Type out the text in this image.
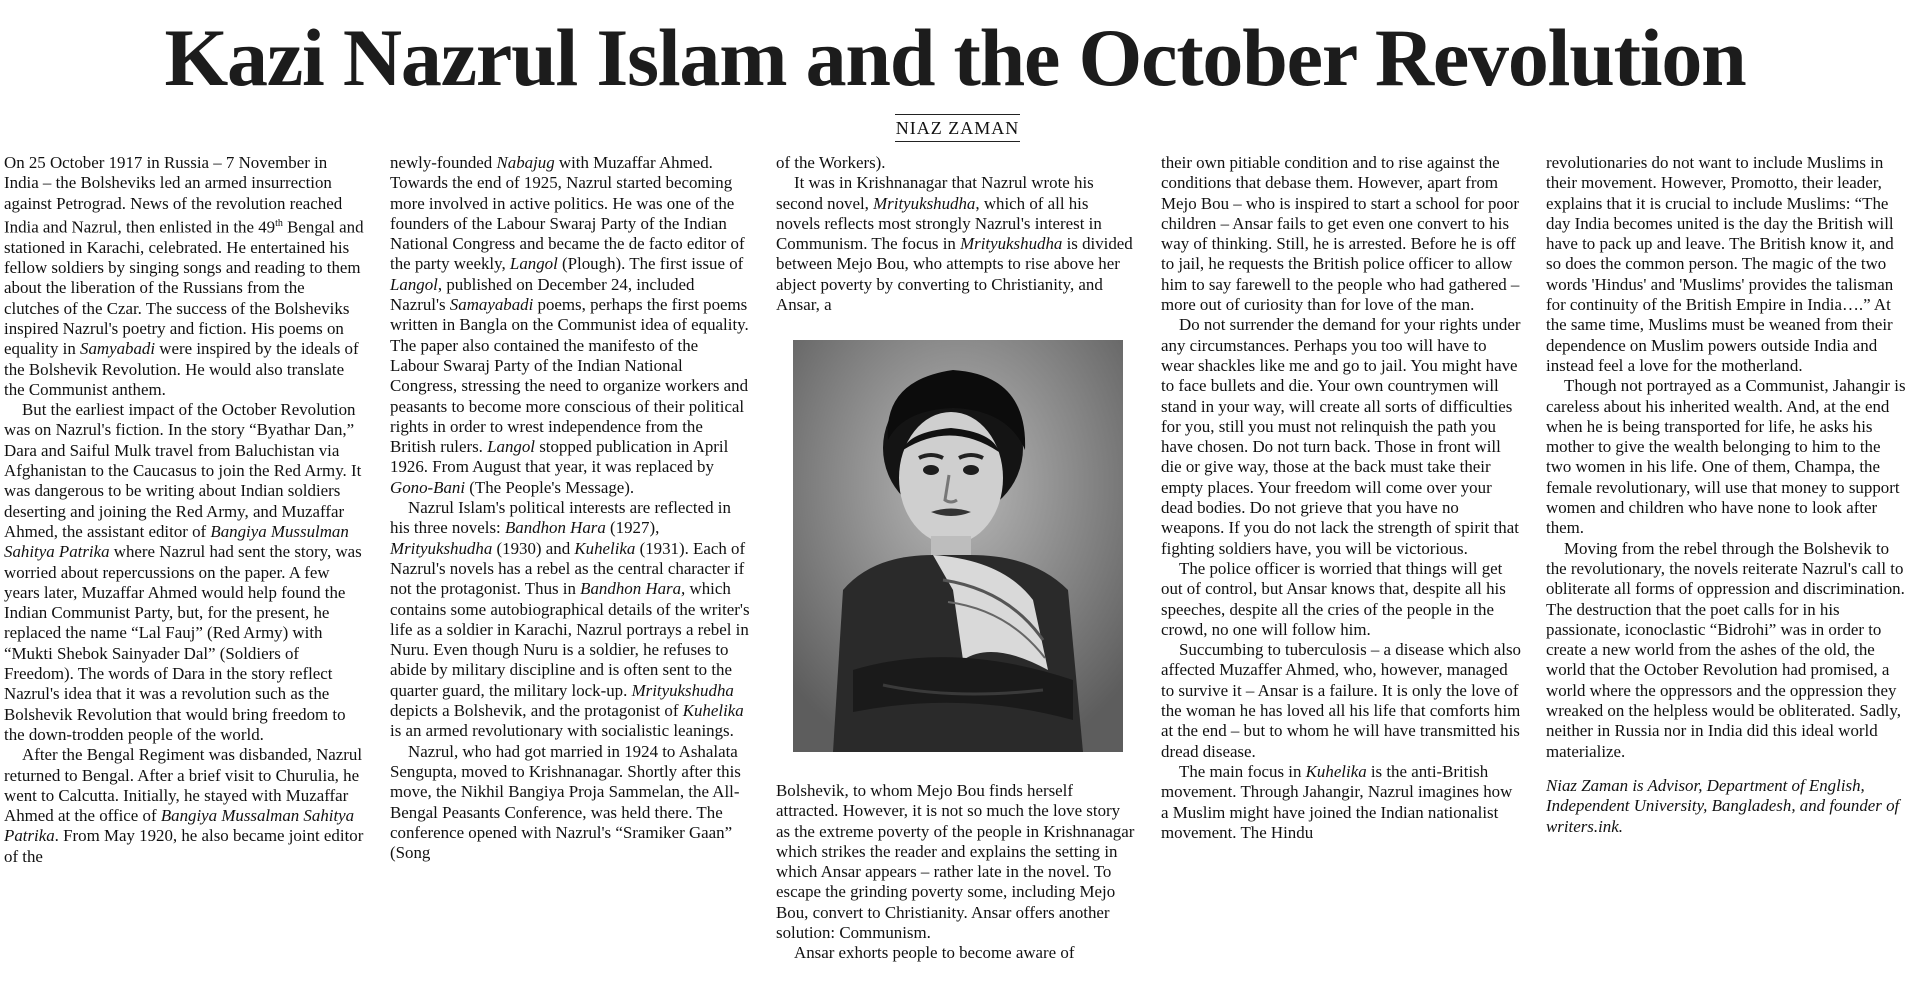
Kazi Nazrul Islam and the October Revolution
NIAZ ZAMAN

On 25 October 1917 in Russia – 7 November in India – the Bolsheviks led an armed insurrection against Petrograd. News of the revolution reached India and Nazrul, then enlisted in the 49th Bengal and stationed in Karachi, celebrated. He entertained his fellow soldiers by singing songs and reading to them about the liberation of the Russians from the clutches of the Czar. The success of the Bolsheviks inspired Nazrul's poetry and fiction. His poems on equality in Samyabadi were inspired by the ideals of the Bolshevik Revolution. He would also translate the Communist anthem.

But the earliest impact of the October Revolution was on Nazrul's fiction. In the story “Byathar Dan,” Dara and Saiful Mulk travel from Baluchistan via Afghanistan to the Caucasus to join the Red Army. It was dangerous to be writing about Indian soldiers deserting and joining the Red Army, and Muzaffar Ahmed, the assistant editor of Bangiya Mussulman Sahitya Patrika where Nazrul had sent the story, was worried about repercussions on the paper. A few years later, Muzaffar Ahmed would help found the Indian Communist Party, but, for the present, he replaced the name “Lal Fauj” (Red Army) with “Mukti Shebok Sainyader Dal” (Soldiers of Freedom). The words of Dara in the story reflect Nazrul's idea that it was a revolution such as the Bolshevik Revolution that would bring freedom to the down-trodden people of the world.

After the Bengal Regiment was disbanded, Nazrul returned to Bengal. After a brief visit to Churulia, he went to Calcutta. Initially, he stayed with Muzaffar Ahmed at the office of Bangiya Mussalman Sahitya Patrika. From May 1920, he also became joint editor of the

newly-founded Nabajug with Muzaffar Ahmed. Towards the end of 1925, Nazrul started becoming more involved in active politics. He was one of the founders of the Labour Swaraj Party of the Indian National Congress and became the de facto editor of the party weekly, Langol (Plough). The first issue of Langol, published on December 24, included Nazrul's Samayabadi poems, perhaps the first poems written in Bangla on the Communist idea of equality. The paper also contained the manifesto of the Labour Swaraj Party of the Indian National Congress, stressing the need to organize workers and peasants to become more conscious of their political rights in order to wrest independence from the British rulers. Langol stopped publication in April 1926. From August that year, it was replaced by Gono-Bani (The People's Message).

Nazrul Islam's political interests are reflected in his three novels: Bandhon Hara (1927), Mrityukshudha (1930) and Kuhelika (1931). Each of Nazrul's novels has a rebel as the central character if not the protagonist. Thus in Bandhon Hara, which contains some autobiographical details of the writer's life as a soldier in Karachi, Nazrul portrays a rebel in Nuru. Even though Nuru is a soldier, he refuses to abide by military discipline and is often sent to the quarter guard, the military lock-up. Mrityukshudha depicts a Bolshevik, and the protagonist of Kuhelika is an armed revolutionary with socialistic leanings.

Nazrul, who had got married in 1924 to Ashalata Sengupta, moved to Krishnanagar. Shortly after this move, the Nikhil Bangiya Proja Sammelan, the All-Bengal Peasants Conference, was held there. The conference opened with Nazrul's “Sramiker Gaan” (Song

of the Workers).

It was in Krishnanagar that Nazrul wrote his second novel, Mrityukshudha, which of all his novels reflects most strongly Nazrul's interest in Communism. The focus in Mrityukshudha is divided between Mejo Bou, who attempts to rise above her abject poverty by converting to Christianity, and Ansar, a

Bolshevik, to whom Mejo Bou finds herself attracted. However, it is not so much the love story as the extreme poverty of the people in Krishnanagar which strikes the reader and explains the setting in which Ansar appears – rather late in the novel. To escape the grinding poverty some, including Mejo Bou, convert to Christianity. Ansar offers another solution: Communism.

Ansar exhorts people to become aware of

their own pitiable condition and to rise against the conditions that debase them. However, apart from Mejo Bou – who is inspired to start a school for poor children – Ansar fails to get even one convert to his way of thinking. Still, he is arrested. Before he is off to jail, he requests the British police officer to allow him to say farewell to the people who had gathered – more out of curiosity than for love of the man.

Do not surrender the demand for your rights under any circumstances. Perhaps you too will have to wear shackles like me and go to jail. You might have to face bullets and die. Your own countrymen will stand in your way, will create all sorts of difficulties for you, still you must not relinquish the path you have chosen. Do not turn back. Those in front will die or give way, those at the back must take their empty places. Your freedom will come over your dead bodies. Do not grieve that you have no weapons. If you do not lack the strength of spirit that fighting soldiers have, you will be victorious.

The police officer is worried that things will get out of control, but Ansar knows that, despite all his speeches, despite all the cries of the people in the crowd, no one will follow him.

Succumbing to tuberculosis – a disease which also affected Muzaffer Ahmed, who, however, managed to survive it – Ansar is a failure. It is only the love of the woman he has loved all his life that comforts him at the end – but to whom he will have transmitted his dread disease.

The main focus in Kuhelika is the anti-British movement. Through Jahangir, Nazrul imagines how a Muslim might have joined the Indian nationalist movement. The Hindu

revolutionaries do not want to include Muslims in their movement. However, Promotto, their leader, explains that it is crucial to include Muslims: “The day India becomes united is the day the British will have to pack up and leave. The British know it, and so does the common person. The magic of the two words 'Hindus' and 'Muslims' provides the talisman for continuity of the British Empire in India….” At the same time, Muslims must be weaned from their dependence on Muslim powers outside India and instead feel a love for the motherland.

Though not portrayed as a Communist, Jahangir is careless about his inherited wealth. And, at the end when he is being transported for life, he asks his mother to give the wealth belonging to him to the two women in his life. One of them, Champa, the female revolutionary, will use that money to support women and children who have none to look after them.

Moving from the rebel through the Bolshevik to the revolutionary, the novels reiterate Nazrul's call to obliterate all forms of oppression and discrimination. The destruction that the poet calls for in his passionate, iconoclastic “Bidrohi” was in order to create a new world from the ashes of the old, the world that the October Revolution had promised, a world where the oppressors and the oppression they wreaked on the helpless would be obliterated. Sadly, neither in Russia nor in India did this ideal world materialize.

Niaz Zaman is Advisor, Department of English, Independent University, Bangladesh, and founder of writers.ink.
